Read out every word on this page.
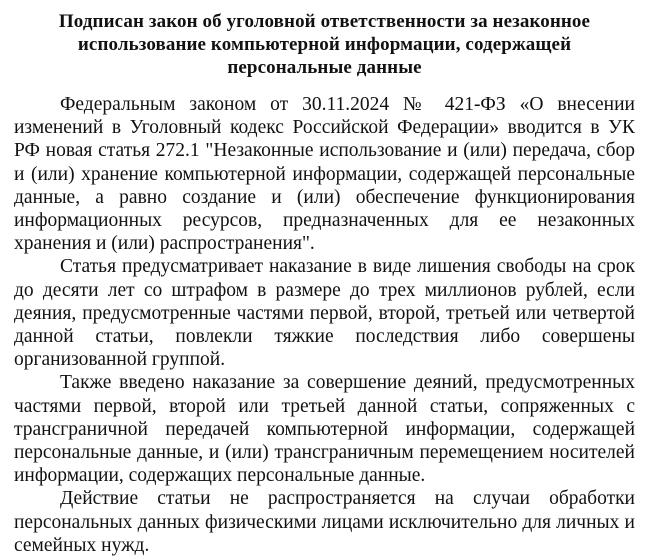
Подписан закон об уголовной ответственности за незаконное использование компьютерной информации, содержащей персональные данные

Федеральным законом от 30.11.2024 № 421-ФЗ «О внесении изменений в Уголовный кодекс Российской Федерации» вводится в УК РФ новая статья 272.1 "Незаконные использование и (или) передача, сбор и (или) хранение компьютерной информации, содержащей персональные данные, а равно создание и (или) обеспечение функционирования информационных ресурсов, предназначенных для ее незаконных хранения и (или) распространения".

Статья предусматривает наказание в виде лишения свободы на срок до десяти лет со штрафом в размере до трех миллионов рублей, если деяния, предусмотренные частями первой, второй, третьей или четвертой данной статьи, повлекли тяжкие последствия либо совершены организованной группой.

Также введено наказание за совершение деяний, предусмотренных частями первой, второй или третьей данной статьи, сопряженных с трансграничной передачей компьютерной информации, содержащей персональные данные, и (или) трансграничным перемещением носителей информации, содержащих персональные данные.

Действие статьи не распространяется на случаи обработки персональных данных физическими лицами исключительно для личных и семейных нужд.
